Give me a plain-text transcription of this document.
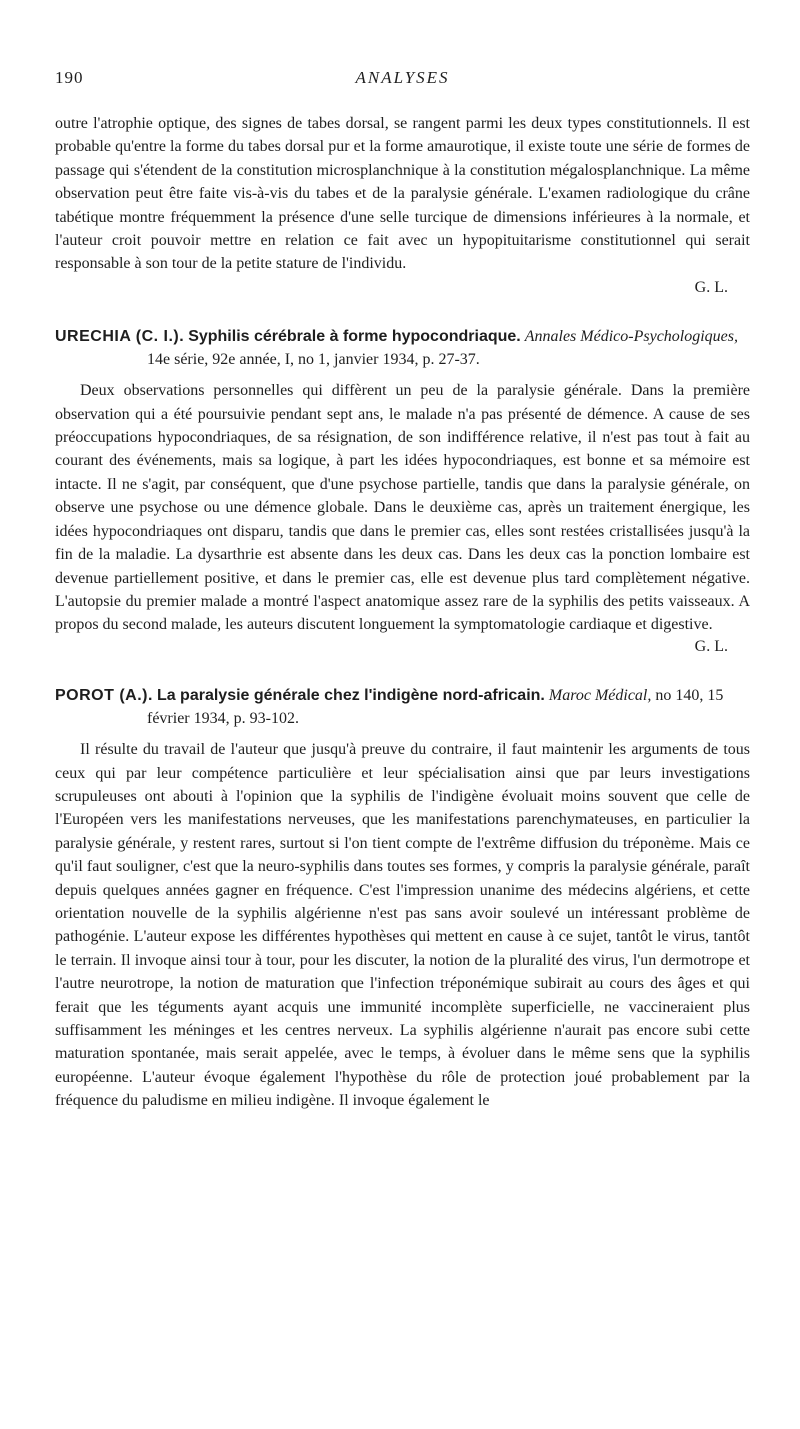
190	ANALYSES

outre l'atrophie optique, des signes de tabes dorsal, se rangent parmi les deux types constitutionnels. Il est probable qu'entre la forme du tabes dorsal pur et la forme amaurotique, il existe toute une série de formes de passage qui s'étendent de la constitution microsplanchnique à la constitution mégalosplanchnique. La même observation peut être faite vis-à-vis du tabes et de la paralysie générale. L'examen radiologique du crâne tabétique montre fréquemment la présence d'une selle turcique de dimensions inférieures à la normale, et l'auteur croit pouvoir mettre en relation ce fait avec un hypopituitarisme constitutionnel qui serait responsable à son tour de la petite stature de l'individu.

G. L.

URECHIA (C. I.). Syphilis cérébrale à forme hypocondriaque. Annales Médico-Psychologiques, 14e série, 92e année, I, no 1, janvier 1934, p. 27-37.

Deux observations personnelles qui diffèrent un peu de la paralysie générale. Dans la première observation qui a été poursuivie pendant sept ans, le malade n'a pas présenté de démence. A cause de ses préoccupations hypocondriaques, de sa résignation, de son indifférence relative, il n'est pas tout à fait au courant des événements, mais sa logique, à part les idées hypocondriaques, est bonne et sa mémoire est intacte. Il ne s'agit, par conséquent, que d'une psychose partielle, tandis que dans la paralysie générale, on observe une psychose ou une démence globale. Dans le deuxième cas, après un traitement énergique, les idées hypocondriaques ont disparu, tandis que dans le premier cas, elles sont restées cristallisées jusqu'à la fin de la maladie. La dysarthrie est absente dans les deux cas. Dans les deux cas la ponction lombaire est devenue partiellement positive, et dans le premier cas, elle est devenue plus tard complètement négative. L'autopsie du premier malade a montré l'aspect anatomique assez rare de la syphilis des petits vaisseaux. A propos du second malade, les auteurs discutent longuement la symptomatologie cardiaque et digestive.

G. L.

POROT (A.). La paralysie générale chez l'indigène nord-africain. Maroc Médical, no 140, 15 février 1934, p. 93-102.

Il résulte du travail de l'auteur que jusqu'à preuve du contraire, il faut maintenir les arguments de tous ceux qui par leur compétence particulière et leur spécialisation ainsi que par leurs investigations scrupuleuses ont abouti à l'opinion que la syphilis de l'indigène évoluait moins souvent que celle de l'Européen vers les manifestations nerveuses, que les manifestations parenchymateuses, en particulier la paralysie générale, y restent rares, surtout si l'on tient compte de l'extrême diffusion du tréponème. Mais ce qu'il faut souligner, c'est que la neuro-syphilis dans toutes ses formes, y compris la paralysie générale, paraît depuis quelques années gagner en fréquence. C'est l'impression unanime des médecins algériens, et cette orientation nouvelle de la syphilis algérienne n'est pas sans avoir soulevé un intéressant problème de pathogénie. L'auteur expose les différentes hypothèses qui mettent en cause à ce sujet, tantôt le virus, tantôt le terrain. Il invoque ainsi tour à tour, pour les discuter, la notion de la pluralité des virus, l'un dermotrope et l'autre neurotrope, la notion de maturation que l'infection tréponémique subirait au cours des âges et qui ferait que les téguments ayant acquis une immunité incomplète superficielle, ne vaccineraient plus suffisamment les méninges et les centres nerveux. La syphilis algérienne n'aurait pas encore subi cette maturation spontanée, mais serait appelée, avec le temps, à évoluer dans le même sens que la syphilis européenne. L'auteur évoque également l'hypothèse du rôle de protection joué probablement par la fréquence du paludisme en milieu indigène. Il invoque également le
